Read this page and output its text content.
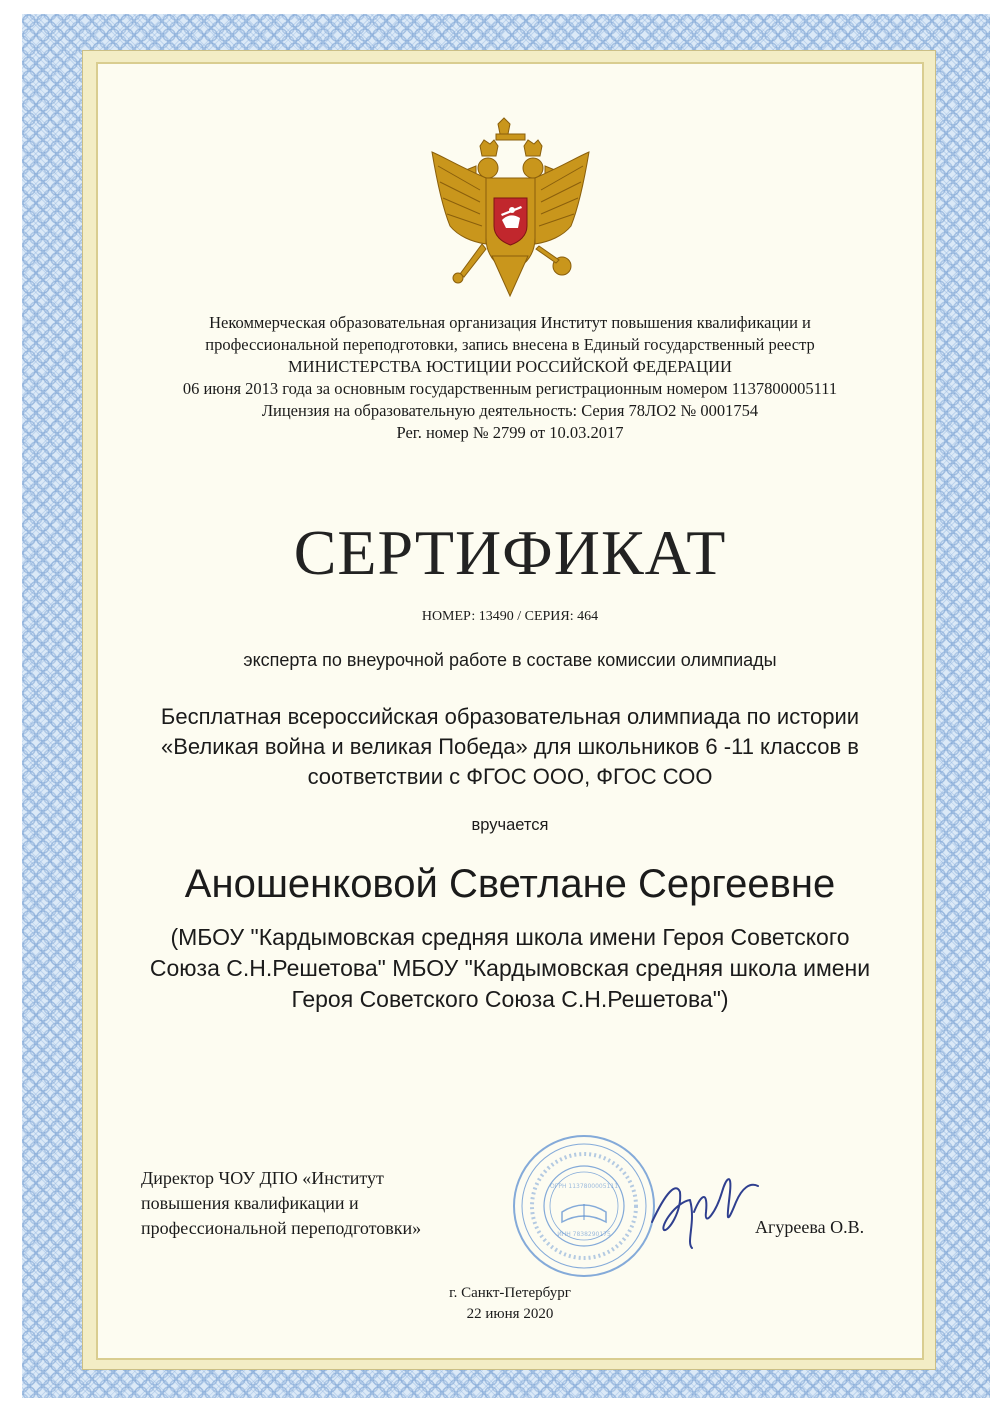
Некоммерческая образовательная организация Институт повышения квалификации и
профессиональной переподготовки, запись внесена в Единый государственный реестр
МИНИСТЕРСТВА ЮСТИЦИИ РОССИЙСКОЙ ФЕДЕРАЦИИ
06 июня 2013 года за основным государственным регистрационным номером 1137800005111
Лицензия на образовательную деятельность: Серия 78ЛО2 № 0001754
Рег. номер № 2799 от 10.03.2017
СЕРТИФИКАТ
НОМЕР: 13490 / СЕРИЯ: 464
эксперта по внеурочной работе в составе комиссии олимпиады
Бесплатная всероссийская образовательная олимпиада по истории
«Великая война и великая Победа» для школьников 6 -11 классов в
соответствии с ФГОС ООО, ФГОС СОО
вручается
Аношенковой Светлане Сергеевне
(МБОУ "Кардымовская средняя школа имени Героя Советского
Союза С.Н.Решетова" МБОУ "Кардымовская средняя школа имени
Героя Советского Союза С.Н.Решетова")
Директор ЧОУ ДПО «Институт
повышения квалификации и
профессиональной переподготовки»
ОГРН 1137800005111
ИНН 7838290175	Агуреева О.В.
г. Санкт-Петербург
22 июня 2020
